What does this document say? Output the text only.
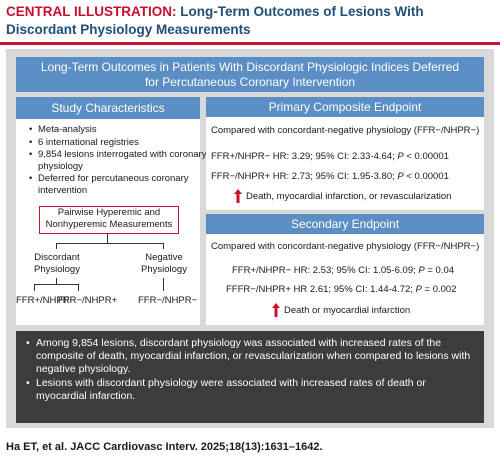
CENTRAL ILLUSTRATION: Long-Term Outcomes of Lesions With
Discordant Physiology Measurements
Long-Term Outcomes in Patients With Discordant Physiologic Indices Deferred
for Percutaneous Coronary Intervention
Study Characteristics
• Meta-analysis
• 6 international registries
• 9,854 lesions interrogated with coronary physiology
• Deferred for percutaneous coronary intervention
Pairwise Hyperemic and
Nonhyperemic Measurements
Discordant
Physiology
Negative
Physiology
FFR+/NHPR−
FFR−/NHPR+ FFR−/NHPR−
Primary Composite Endpoint
Compared with concordant-negative physiology (FFR−/NHPR−)
FFR+/NHPR− HR: 3.29; 95% CI: 2.33-4.64; P < 0.00001
FFR−/NHPR+ HR: 2.73; 95% CI: 1.95-3.80; P < 0.00001
Death, myocardial infarction, or revascularization
Secondary Endpoint
Compared with concordant-negative physiology (FFR−/NHPR−)
FFR+/NHPR− HR: 2.53; 95% CI: 1.05-6.09; P = 0.04
FFFR−/NHPR+ HR 2.61; 95% CI: 1.44-4.72; P = 0.002
Death or myocardial infarction
• Among 9,854 lesions, discordant physiology was associated with increased rates of the composite of death, myocardial infarction, or revascularization when compared to lesions with negative physiology.
• Lesions with discordant physiology were associated with increased rates of death or myocardial infarction.
Ha ET, et al. JACC Cardiovasc Interv. 2025;18(13):1631–1642.
